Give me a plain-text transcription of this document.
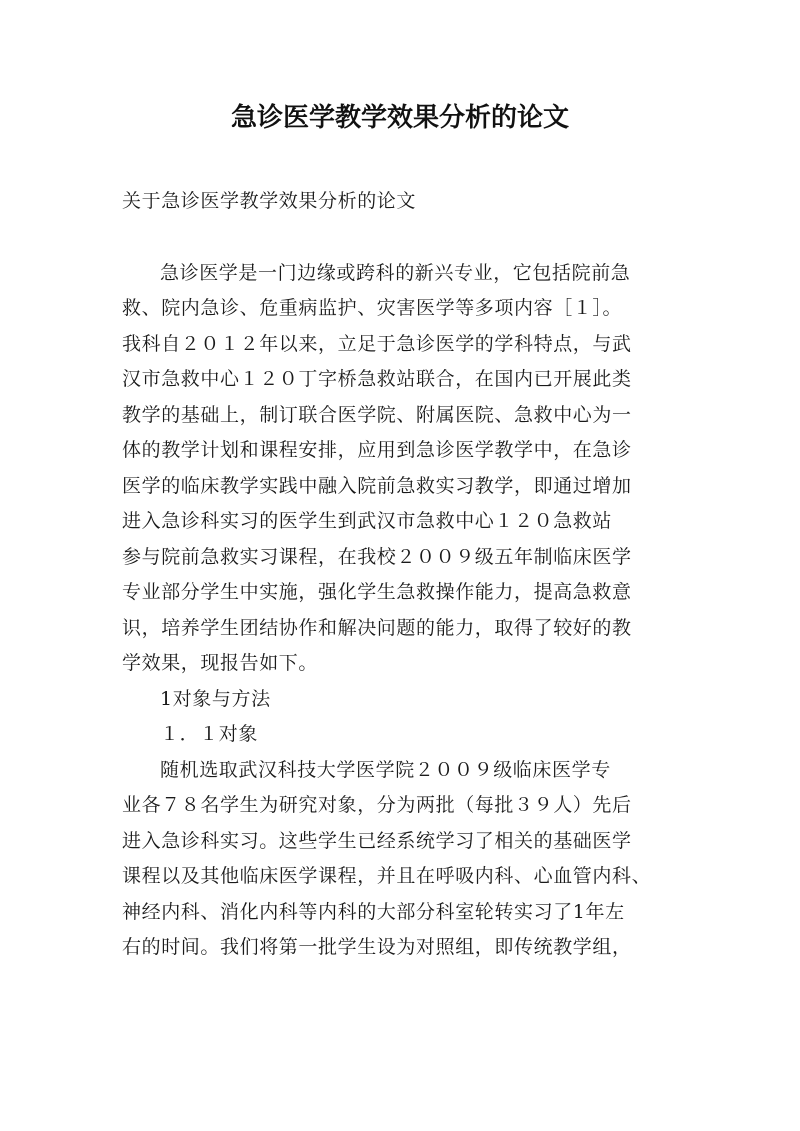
急诊医学教学效果分析的论文

关于急诊医学教学效果分析的论文

急诊医学是一门边缘或跨科的新兴专业，它包括院前急
救、院内急诊、危重病监护、灾害医学等多项内容［１］。
我科自２０１２年以来，立足于急诊医学的学科特点，与武
汉市急救中心１２０丁字桥急救站联合，在国内已开展此类
教学的基础上，制订联合医学院、附属医院、急救中心为一
体的教学计划和课程安排，应用到急诊医学教学中，在急诊
医学的临床教学实践中融入院前急救实习教学，即通过增加
进入急诊科实习的医学生到武汉市急救中心１２０急救站
参与院前急救实习课程，在我校２００９级五年制临床医学
专业部分学生中实施，强化学生急救操作能力，提高急救意
识，培养学生团结协作和解决问题的能力，取得了较好的教
学效果，现报告如下。

1对象与方法

１．１对象

随机选取武汉科技大学医学院２００９级临床医学专
业各７８名学生为研究对象，分为两批（每批３９人）先后
进入急诊科实习。这些学生已经系统学习了相关的基础医学
课程以及其他临床医学课程，并且在呼吸内科、心血管内科、
神经内科、消化内科等内科的大部分科室轮转实习了1年左
右的时间。我们将第一批学生设为对照组，即传统教学组，
